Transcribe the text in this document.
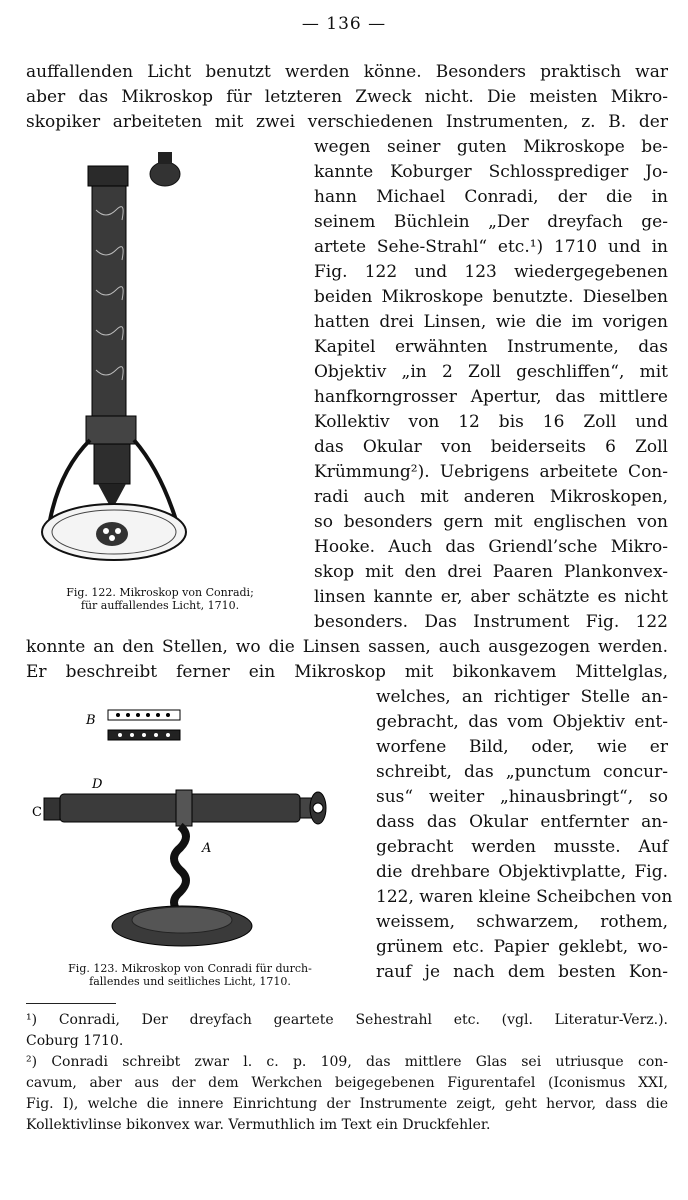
— 136 —
auffallenden Licht benutzt werden könne. Besonders praktisch war
aber das Mikroskop für letzteren Zweck nicht. Die meisten Mikro-
skopiker arbeiteten mit zwei verschiedenen Instrumenten, z. B. der
wegen seiner guten Mikroskope be-
kannte Koburger Schlossprediger Jo-
hann Michael Conradi, der die in
seinem Büchlein „Der dreyfach ge-
artete Sehe-Strahl“ etc.¹) 1710 und in
Fig. 122 und 123 wiedergegebenen
beiden Mikroskope benutzte. Dieselben
hatten drei Linsen, wie die im vorigen
Kapitel erwähnten Instrumente, das
Objektiv „in 2 Zoll geschliffen“, mit
hanfkorngrosser Apertur, das mittlere
Kollektiv von 12 bis 16 Zoll und
das Okular von beiderseits 6 Zoll
Krümmung²). Uebrigens arbeitete Con-
radi auch mit anderen Mikroskopen,
so besonders gern mit englischen von
Hooke. Auch das Griendl’sche Mikro-
skop mit den drei Paaren Plankonvex-
linsen kannte er, aber schätzte es nicht
besonders. Das Instrument Fig. 122
konnte an den Stellen, wo die Linsen sassen, auch ausgezogen werden.
Er beschreibt ferner ein Mikroskop mit bikonkavem Mittelglas,
welches, an richtiger Stelle an-
gebracht, das vom Objektiv ent-
worfene Bild, oder, wie er
schreibt, das „punctum concur-
sus“ weiter „hinausbringt“, so
dass das Okular entfernter an-
gebracht werden musste. Auf
die drehbare Objektivplatte, Fig.
122, waren kleine Scheibchen von
weissem, schwarzem, rothem,
grünem etc. Papier geklebt, wo-
rauf je nach dem besten Kon-
Fig. 122. Mikroskop von Conradi;
für auffallendes Licht, 1710.
B
D
C
A
Fig. 123. Mikroskop von Conradi für durch-
fallendes und seitliches Licht, 1710.
¹) Conradi, Der dreyfach geartete Sehestrahl etc. (vgl. Literatur-Verz.).
Coburg 1710.
²) Conradi schreibt zwar l. c. p. 109, das mittlere Glas sei utriusque con-
cavum, aber aus der dem Werkchen beigegebenen Figurentafel (Iconismus XXI,
Fig. I), welche die innere Einrichtung der Instrumente zeigt, geht hervor, dass die
Kollektivlinse bikonvex war. Vermuthlich im Text ein Druckfehler.
